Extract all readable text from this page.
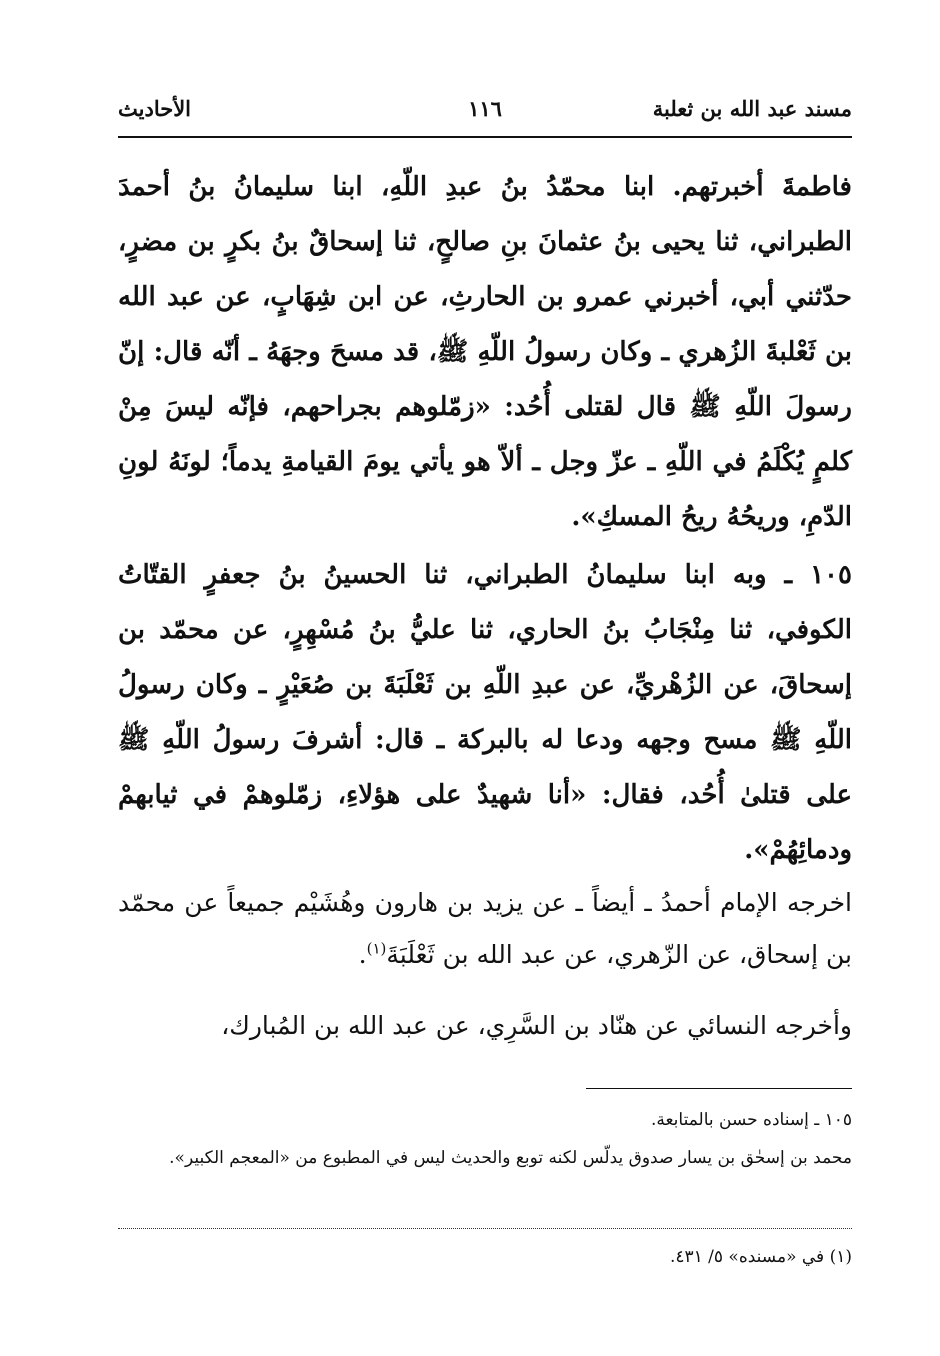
مسند عبد الله بن ثعلبة
١١٦
الأحاديث

فاطمةَ أخبرتهم. ابنا محمّدُ بنُ عبدِ اللّهِ، ابنا سليمانُ بنُ أحمدَ الطبراني، ثنا يحيى بنُ عثمانَ بنِ صالحٍ، ثنا إسحاقٌ بنُ بكرٍ بن مضرٍ، حدّثني أبي، أخبرني عمرو بن الحارثِ، عن ابن شِهَابٍ، عن عبد الله بن ثَعْلبةَ الزُهري ـ وكان رسولُ اللّهِ ﷺ، قد مسحَ وجهَهُ ـ أنّه قال: إنّ رسولَ اللّهِ ﷺ قال لقتلى أُحُد: «زمّلوهم بجراحهم، فإنّه ليسَ مِنْ كلمٍ يُكْلَمُ في اللّهِ ـ عزّ وجل ـ ألاّ هو يأتي يومَ القيامةِ يدماً؛ لونَهُ لونِ الدّمِ، وريحُهُ ريحُ المسكِ».

١٠٥ ـ وبه ابنا سليمانُ الطبراني، ثنا الحسينُ بنُ جعفرٍ القتّاتُ الكوفي، ثنا مِنْجَابُ بنُ الحاري، ثنا عليُّ بنُ مُسْهِرٍ، عن محمّد بن إسحاقَ، عن الزُهْريِّ، عن عبدِ اللّهِ بن ثَعْلَبَةَ بن صُعَيْرٍ ـ وكان رسولُ اللّهِ ﷺ مسح وجهه ودعا له بالبركة ـ قال: أشرفَ رسولُ اللّهِ ﷺ على قتلىٰ أُحُد، فقال: «أنا شهيدٌ على هؤلاءِ، زمّلوهمْ في ثيابهمْ ودمائِهُمْ».

اخرجه الإمام أحمدُ ـ أيضاً ـ عن يزيد بن هارون وهُشَيْم جميعاً عن محمّد بن إسحاق، عن الزّهري، عن عبد الله بن ثَعْلَبَةَ$^{(١)}$.

وأخرجه النسائي عن هنّاد بن السَّرِي، عن عبد الله بن المُبارك،

١٠٥ ـ إسناده حسن بالمتابعة.

محمد بن إسحٰق بن يسار صدوق يدلّس لكنه توبع والحديث ليس في المطبوع من «المعجم الكبير».

(١) في «مسنده» ٥/ ٤٣١.
